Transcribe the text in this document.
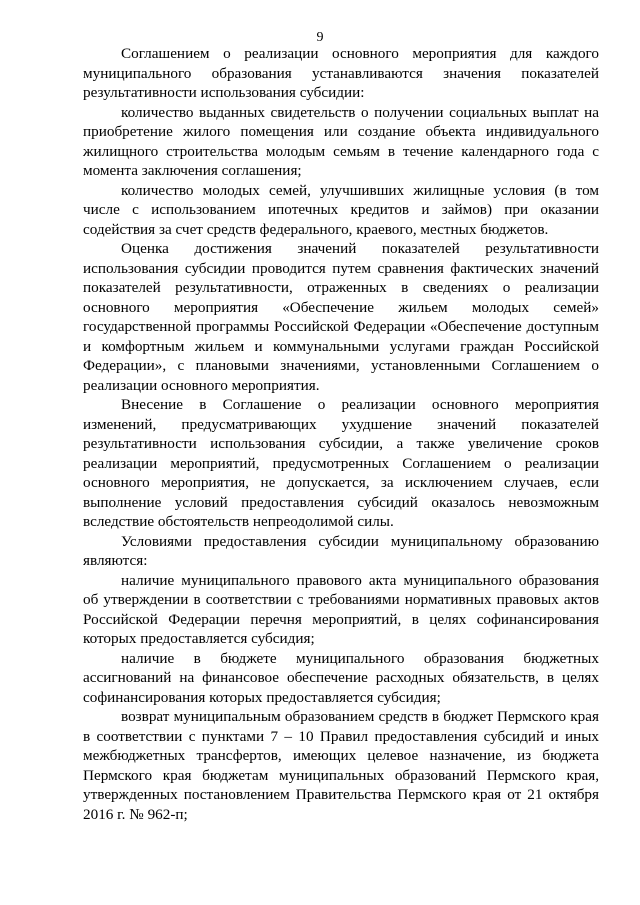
9

Соглашением о реализации основного мероприятия для каждого муниципального образования устанавливаются значения показателей результативности использования субсидии:

количество выданных свидетельств о получении социальных выплат на приобретение жилого помещения или создание объекта индивидуального жилищного строительства молодым семьям в течение календарного года с момента заключения соглашения;

количество молодых семей, улучшивших жилищные условия (в том числе с использованием ипотечных кредитов и займов) при оказании содействия за счет средств федерального, краевого, местных бюджетов.

Оценка достижения значений показателей результативности использования субсидии проводится путем сравнения фактических значений показателей результативности, отраженных в сведениях о реализации основного мероприятия «Обеспечение жильем молодых семей» государственной программы Российской Федерации «Обеспечение доступным и комфортным жильем и коммунальными услугами граждан Российской Федерации», с плановыми значениями, установленными Соглашением о реализации основного мероприятия.

Внесение в Соглашение о реализации основного мероприятия изменений, предусматривающих ухудшение значений показателей результативности использования субсидии, а также увеличение сроков реализации мероприятий, предусмотренных Соглашением о реализации основного мероприятия, не допускается, за исключением случаев, если выполнение условий предоставления субсидий оказалось невозможным вследствие обстоятельств непреодолимой силы.

Условиями предоставления субсидии муниципальному образованию являются:

наличие муниципального правового акта муниципального образования об утверждении в соответствии с требованиями нормативных правовых актов Российской Федерации перечня мероприятий, в целях софинансирования которых предоставляется субсидия;

наличие в бюджете муниципального образования бюджетных ассигнований на финансовое обеспечение расходных обязательств, в целях софинансирования которых предоставляется субсидия;

возврат муниципальным образованием средств в бюджет Пермского края в соответствии с пунктами 7 – 10 Правил предоставления субсидий и иных межбюджетных трансфертов, имеющих целевое назначение, из бюджета Пермского края бюджетам муниципальных образований Пермского края, утвержденных постановлением Правительства Пермского края от 21 октября 2016 г. № 962-п;
